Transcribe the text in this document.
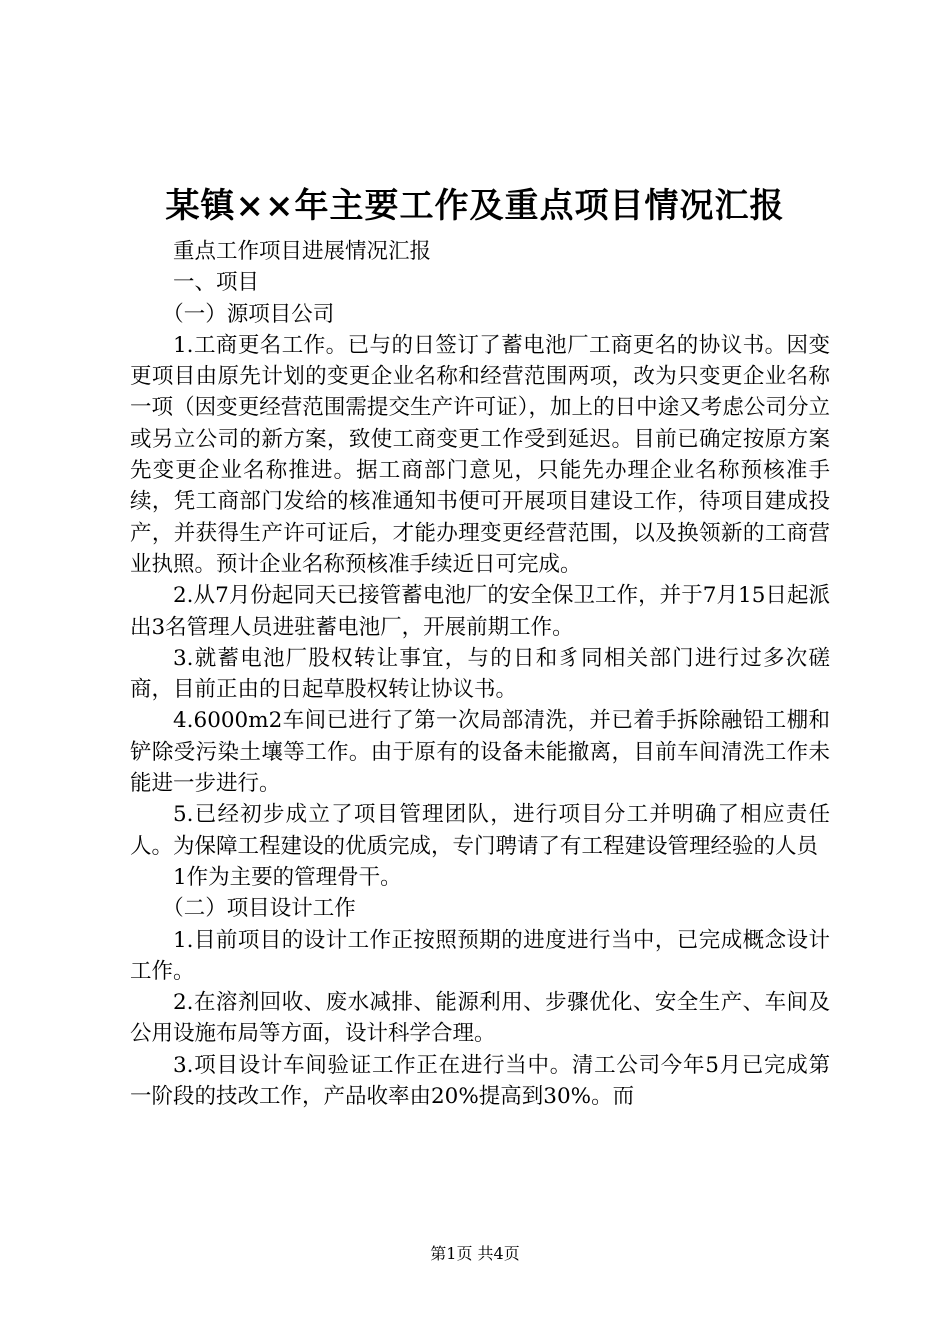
某镇××年主要工作及重点项目情况汇报

重点工作项目进展情况汇报

一、项目

（一）源项目公司

1.工商更名工作。已与的日签订了蓄电池厂工商更名的协议书。因变更项目由原先计划的变更企业名称和经营范围两项，改为只变更企业名称一项（因变更经营范围需提交生产许可证），加上的日中途又考虑公司分立或另立公司的新方案，致使工商变更工作受到延迟。目前已确定按原方案先变更企业名称推进。据工商部门意见，只能先办理企业名称预核准手续，凭工商部门发给的核准通知书便可开展项目建设工作，待项目建成投产，并获得生产许可证后，才能办理变更经营范围，以及换领新的工商营业执照。预计企业名称预核准手续近日可完成。

2.从7月份起同天已接管蓄电池厂的安全保卫工作，并于7月15日起派出3名管理人员进驻蓄电池厂，开展前期工作。

3.就蓄电池厂股权转让事宜，与的日和豸同相关部门进行过多次磋商，目前正由的日起草股权转让协议书。

4.6000m2车间已进行了第一次局部清洗，并已着手拆除融铅工棚和铲除受污染土壤等工作。由于原有的设备未能撤离，目前车间清洗工作未能进一步进行。

5.已经初步成立了项目管理团队，进行项目分工并明确了相应责任人。为保障工程建设的优质完成，专门聘请了有工程建设管理经验的人员

1作为主要的管理骨干。

（二）项目设计工作

1.目前项目的设计工作正按照预期的进度进行当中，已完成概念设计工作。

2.在溶剂回收、废水减排、能源利用、步骤优化、安全生产、车间及公用设施布局等方面，设计科学合理。

3.项目设计车间验证工作正在进行当中。清工公司今年5月已完成第一阶段的技改工作，产品收率由20%提高到30%。而

第1页 共4页
